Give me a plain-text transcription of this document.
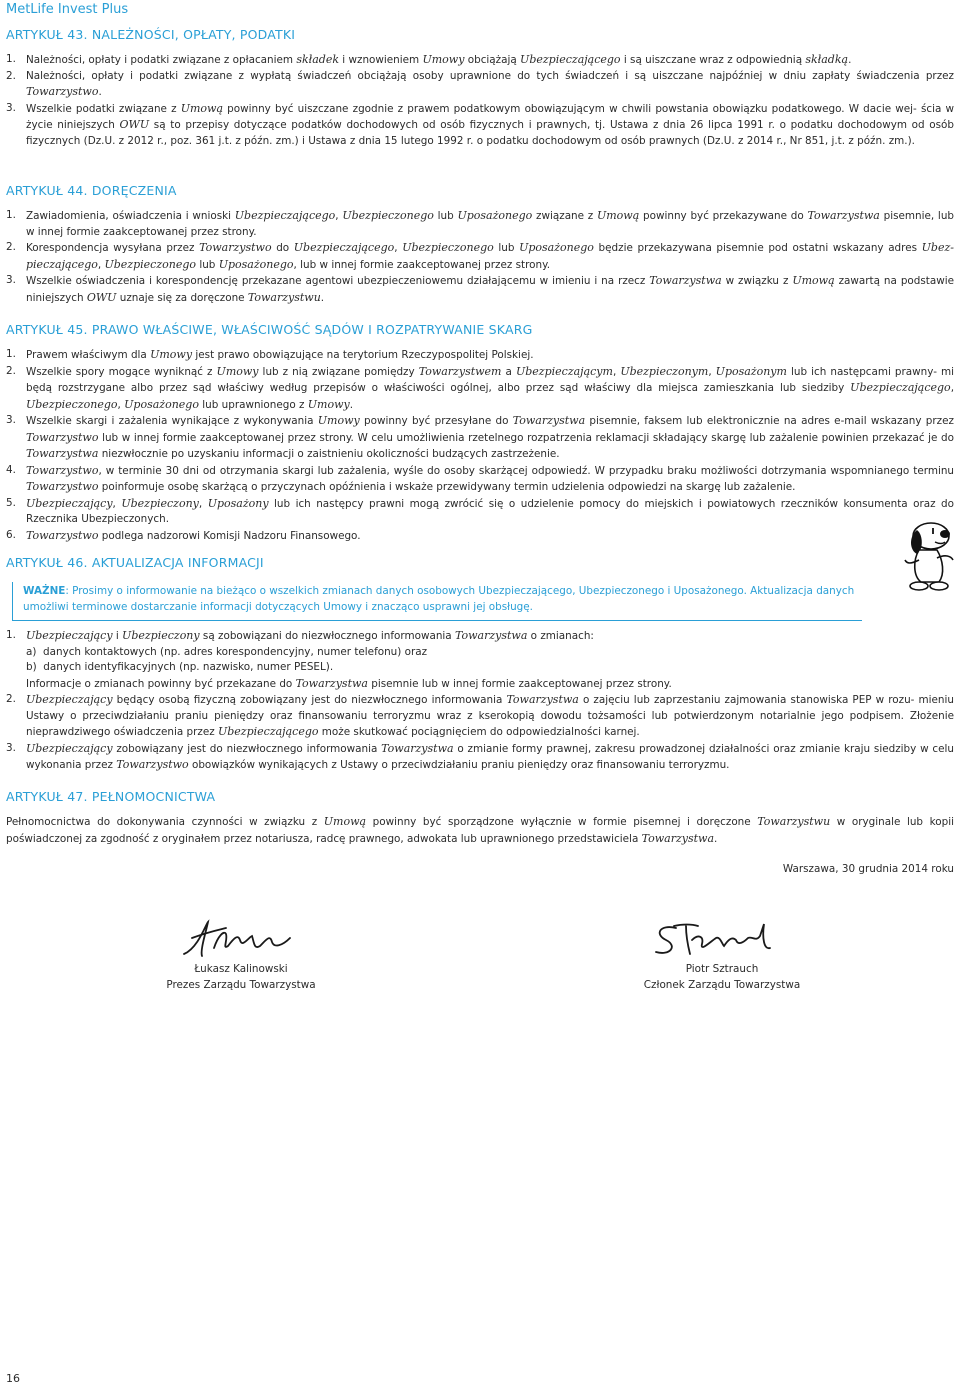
MetLife Invest Plus
ARTYKUŁ 43. NALEŻNOŚCI, OPŁATY, PODATKI
1. Należności, opłaty i podatki związane z opłacaniem składek i wznowieniem Umowy obciążają Ubezpieczającego i są uiszczane wraz z odpowiednią składką.
2. Należności, opłaty i podatki związane z wypłatą świadczeń obciążają osoby uprawnione do tych świadczeń i są uiszczane najpóźniej w dniu zapłaty świadczenia przez Towarzystwo.
3. Wszelkie podatki związane z Umową powinny być uiszczane zgodnie z prawem podatkowym obowiązującym w chwili powstania obowiązku podatkowego. W dacie wej- ścia w życie niniejszych OWU są to przepisy dotyczące podatków dochodowych od osób fizycznych i prawnych, tj. Ustawa z dnia 26 lipca 1991 r. o podatku dochodowym od osób fizycznych (Dz.U. z 2012 r., poz. 361 j.t. z późn. zm.) i Ustawa z dnia 15 lutego 1992 r. o podatku dochodowym od osób prawnych (Dz.U. z 2014 r., Nr 851, j.t. z późn. zm.).
ARTYKUŁ 44. DORĘCZENIA
1. Zawiadomienia, oświadczenia i wnioski Ubezpieczającego, Ubezpieczonego lub Uposażonego związane z Umową powinny być przekazywane do Towarzystwa pisemnie, lub w innej formie zaakceptowanej przez strony.
2. Korespondencja wysyłana przez Towarzystwo do Ubezpieczającego, Ubezpieczonego lub Uposażonego będzie przekazywana pisemnie pod ostatni wskazany adres Ubez- pieczającego, Ubezpieczonego lub Uposażonego, lub w innej formie zaakceptowanej przez strony.
3. Wszelkie oświadczenia i korespondencję przekazane agentowi ubezpieczeniowemu działającemu w imieniu i na rzecz Towarzystwa w związku z Umową zawartą na podstawie niniejszych OWU uznaje się za doręczone Towarzystwu.
ARTYKUŁ 45. PRAWO WŁAŚCIWE, WŁAŚCIWOŚĆ SĄDÓW I ROZPATRYWANIE SKARG
1. Prawem właściwym dla Umowy jest prawo obowiązujące na terytorium Rzeczypospolitej Polskiej.
2. Wszelkie spory mogące wyniknąć z Umowy lub z nią związane pomiędzy Towarzystwem a Ubezpieczającym, Ubezpieczonym, Uposażonym lub ich następcami prawny- mi będą rozstrzygane albo przez sąd właściwy według przepisów o właściwości ogólnej, albo przez sąd właściwy dla miejsca zamieszkania lub siedziby Ubezpieczającego, Ubezpieczonego, Uposażonego lub uprawnionego z Umowy.
3. Wszelkie skargi i zażalenia wynikające z wykonywania Umowy powinny być przesyłane do Towarzystwa pisemnie, faksem lub elektronicznie na adres e-mail wskazany przez Towarzystwo lub w innej formie zaakceptowanej przez strony. W celu umożliwienia rzetelnego rozpatrzenia reklamacji składający skargę lub zażalenie powinien przekazać je do Towarzystwa niezwłocznie po uzyskaniu informacji o zaistnieniu okoliczności budzących zastrzeżenie.
4. Towarzystwo, w terminie 30 dni od otrzymania skargi lub zażalenia, wyśle do osoby skarżącej odpowiedź. W przypadku braku możliwości dotrzymania wspomnianego terminu Towarzystwo poinformuje osobę skarżącą o przyczynach opóźnienia i wskaże przewidywany termin udzielenia odpowiedzi na skargę lub zażalenie.
5. Ubezpieczający, Ubezpieczony, Uposażony lub ich następcy prawni mogą zwrócić się o udzielenie pomocy do miejskich i powiatowych rzeczników konsumenta oraz do Rzecznika Ubezpieczonych.
6. Towarzystwo podlega nadzorowi Komisji Nadzoru Finansowego.
ARTYKUŁ 46. AKTUALIZACJA INFORMACJI
WAŻNE: Prosimy o informowanie na bieżąco o wszelkich zmianach danych osobowych Ubezpieczającego, Ubezpieczonego i Uposażonego. Aktualizacja danych umożliwi terminowe dostarczanie informacji dotyczących Umowy i znacząco usprawni jej obsługę.
1. Ubezpieczający i Ubezpieczony są zobowiązani do niezwłocznego informowania Towarzystwa o zmianach:
a)  danych kontaktowych (np. adres korespondencyjny, numer telefonu) oraz
b)  danych identyfikacyjnych (np. nazwisko, numer PESEL).
Informacje o zmianach powinny być przekazane do Towarzystwa pisemnie lub w innej formie zaakceptowanej przez strony.
2. Ubezpieczający będący osobą fizyczną zobowiązany jest do niezwłocznego informowania Towarzystwa o zajęciu lub zaprzestaniu zajmowania stanowiska PEP w rozu- mieniu Ustawy o przeciwdziałaniu praniu pieniędzy oraz finansowaniu terroryzmu wraz z kserokopią dowodu tożsamości lub potwierdzonym notarialnie jego podpisem. Złożenie nieprawdziwego oświadczenia przez Ubezpieczającego może skutkować pociągnięciem do odpowiedzialności karnej.
3. Ubezpieczający zobowiązany jest do niezwłocznego informowania Towarzystwa o zmianie formy prawnej, zakresu prowadzonej działalności oraz zmianie kraju siedziby w celu wykonania przez Towarzystwo obowiązków wynikających z Ustawy o przeciwdziałaniu praniu pieniędzy oraz finansowaniu terroryzmu.
ARTYKUŁ 47. PEŁNOMOCNICTWA
Pełnomocnictwa do dokonywania czynności w związku z Umową powinny być sporządzone wyłącznie w formie pisemnej i doręczone Towarzystwu w oryginale lub kopii poświadczonej za zgodność z oryginałem przez notariusza, radcę prawnego, adwokata lub uprawnionego przedstawiciela Towarzystwa.
Warszawa, 30 grudnia 2014 roku
Łukasz Kalinowski
Prezes Zarządu Towarzystwa
Piotr Sztrauch
Członek Zarządu Towarzystwa
16
